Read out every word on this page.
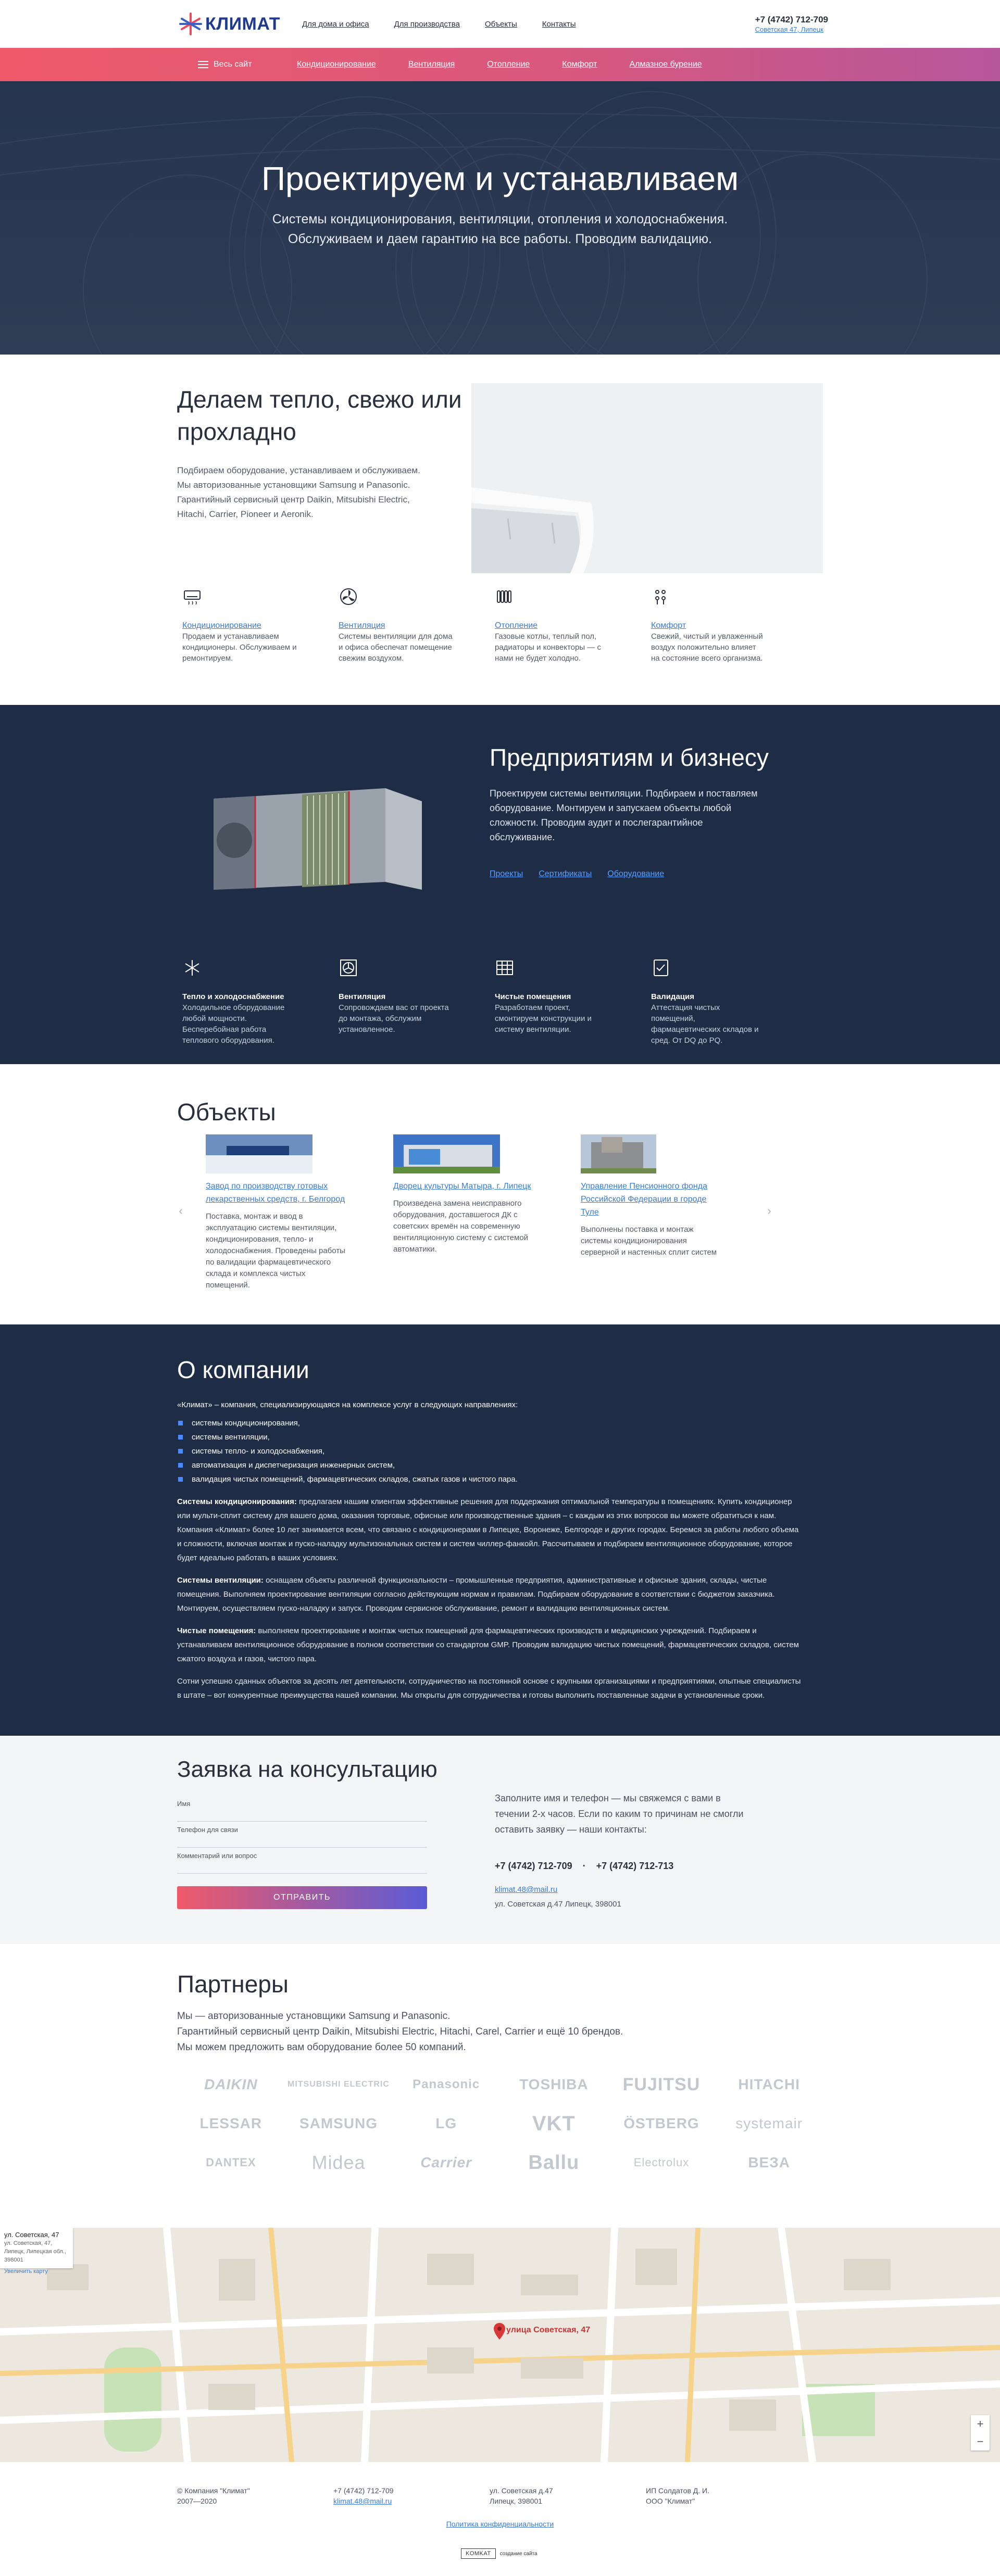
КЛИМАТ	Для дома и офиса	Для производства	Объекты	Контакты	+7 (4742) 712-709
Советская 47, Липецк
Весь сайт	Кондиционирование	Вентиляция	Отопление	Комфорт	Алмазное бурение
Проектируем и устанавливаем

Системы кондиционирования, вентиляции, отопления и холодоснабжения.
Обслуживаем и даем гарантию на все работы. Проводим валидацию.

Делаем тепло, свежо или прохладно

Подбираем оборудование, устанавливаем и обслуживаем. Мы авторизованные установщики Samsung и Panasonic. Гарантийный сервисный центр Daikin, Mitsubishi Electric, Hitachi, Carrier, Pioneer и Aeronik.

Кондиционирование
Продаем и устанавливаем кондиционеры. Обслуживаем и ремонтируем.
Вентиляция
Системы вентиляции для дома и офиса обеспечат помещение свежим воздухом.
Отопление
Газовые котлы, теплый пол, радиаторы и конвекторы — с нами не будет холодно.
Комфорт
Свежий, чистый и увлаженный воздух положительно влияет на состояние всего организма.
Предприятиям и бизнесу

Проектируем системы вентиляции. Подбираем и поставляем оборудование. Монтируем и запускаем объекты любой сложности. Проводим аудит и послегарантийное обслуживание.

Проекты Сертификаты Оборудование
Тепло и холодоснабжение
Холодильное оборудование любой мощности. Бесперебойная работа теплового оборудования.
Вентиляция
Сопровождаем вас от проекта до монтажа, обслужим установленное.
Чистые помещения
Разработаем проект, смонтируем конструкции и систему вентиляции.
Валидация
Аттестация чистых помещений, фармацевтических складов и сред. От DQ до PQ.
Объекты
‹	›
Завод по производству готовых лекарственных средств, г. Белгород
Поставка, монтаж и ввод в эксплуатацию системы вентиляции, кондиционирования, тепло- и холодоснабжения. Проведены работы по валидации фармацевтического склада и комплекса чистых помещений.
Дворец культуры Матыра, г. Липецк
Произведена замена неисправного оборудования, доставшегося ДК с советских времён на современную вентиляционную систему с системой автоматики.
Управление Пенсионного фонда Российской Федерации в городе Туле
Выполнены поставка и монтаж системы кондиционирования серверной и настенных сплит систем
О компании

«Климат» – компания, специализирующаяся на комплексе услуг в следующих направлениях:

системы кондиционирования,
системы вентиляции,
системы тепло- и холодоснабжения,
автоматизация и диспетчеризация инженерных систем,
валидация чистых помещений, фармацевтических складов, сжатых газов и чистого пара.

Системы кондиционирования: предлагаем нашим клиентам эффективные решения для поддержания оптимальной температуры в помещениях. Купить кондиционер или мульти-сплит систему для вашего дома, оказания торговые, офисные или производственные здания – с каждым из этих вопросов вы можете обратиться к нам. Компания «Климат» более 10 лет занимается всем, что связано с кондиционерами в Липецке, Воронеже, Белгороде и других городах. Беремся за работы любого объема и сложности, включая монтаж и пуско-наладку мультизональных систем и систем чиллер-фанкойл. Рассчитываем и подбираем вентиляционное оборудование, которое будет идеально работать в ваших условиях.

Системы вентиляции: оснащаем объекты различной функциональности – промышленные предприятия, административные и офисные здания, склады, чистые помещения. Выполняем проектирование вентиляции согласно действующим нормам и правилам. Подбираем оборудование в соответствии с бюджетом заказчика. Монтируем, осуществляем пуско-наладку и запуск. Проводим сервисное обслуживание, ремонт и валидацию вентиляционных систем.

Чистые помещения: выполняем проектирование и монтаж чистых помещений для фармацевтических производств и медицинских учреждений. Подбираем и устанавливаем вентиляционное оборудование в полном соответствии со стандартом GMP. Проводим валидацию чистых помещений, фармацевтических складов, систем сжатого воздуха и газов, чистого пара.

Сотни успешно сданных объектов за десять лет деятельности, сотрудничество на постоянной основе с крупными организациями и предприятиями, опытные специалисты в штате – вот конкурентные преимущества нашей компании. Мы открыты для сотрудничества и готовы выполнить поставленные задачи в установленные сроки.

Заявка на консультацию
Имя
Телефон для связи
Комментарий или вопрос
ОТПРАВИТЬ

Заполните имя и телефон — мы свяжемся с вами в течении 2-х часов. Если по каким то причинам не смогли оставить заявку — наши контакты:

+7 (4742) 712-709 · +7 (4742) 712-713
klimat.48@mail.ru
ул. Советская д.47 Липецк, 398001
Партнеры

Мы — авторизованные установщики Samsung и Panasonic.
Гарантийный сервисный центр Daikin, Mitsubishi Electric, Hitachi, Carel, Carrier и ещё 10 брендов.
Мы можем предложить вам оборудование более 50 компаний.

DAIKIN	MITSUBISHI ELECTRIC	Panasonic	TOSHIBA	FUJITSU	HITACHI
LESSAR	SAMSUNG	LG	VKT	ÖSTBERG	systemair
DANTEX	Midea	Carrier	Ballu	Electrolux	ВЕЗА
ул. Советская, 47
ул. Советская, 47, Липецк, Липецкая обл., 398001
Увеличить карту
улица Советская, 47
+
−
© Компания "Климат"
2007—2020
+7 (4742) 712-709
klimat.48@mail.ru
ул. Советская д.47
Липецк, 398001
ИП Солдатов Д. И.
ООО "Климат"
Политика конфиденциальности
KOMKAT	создание сайта
